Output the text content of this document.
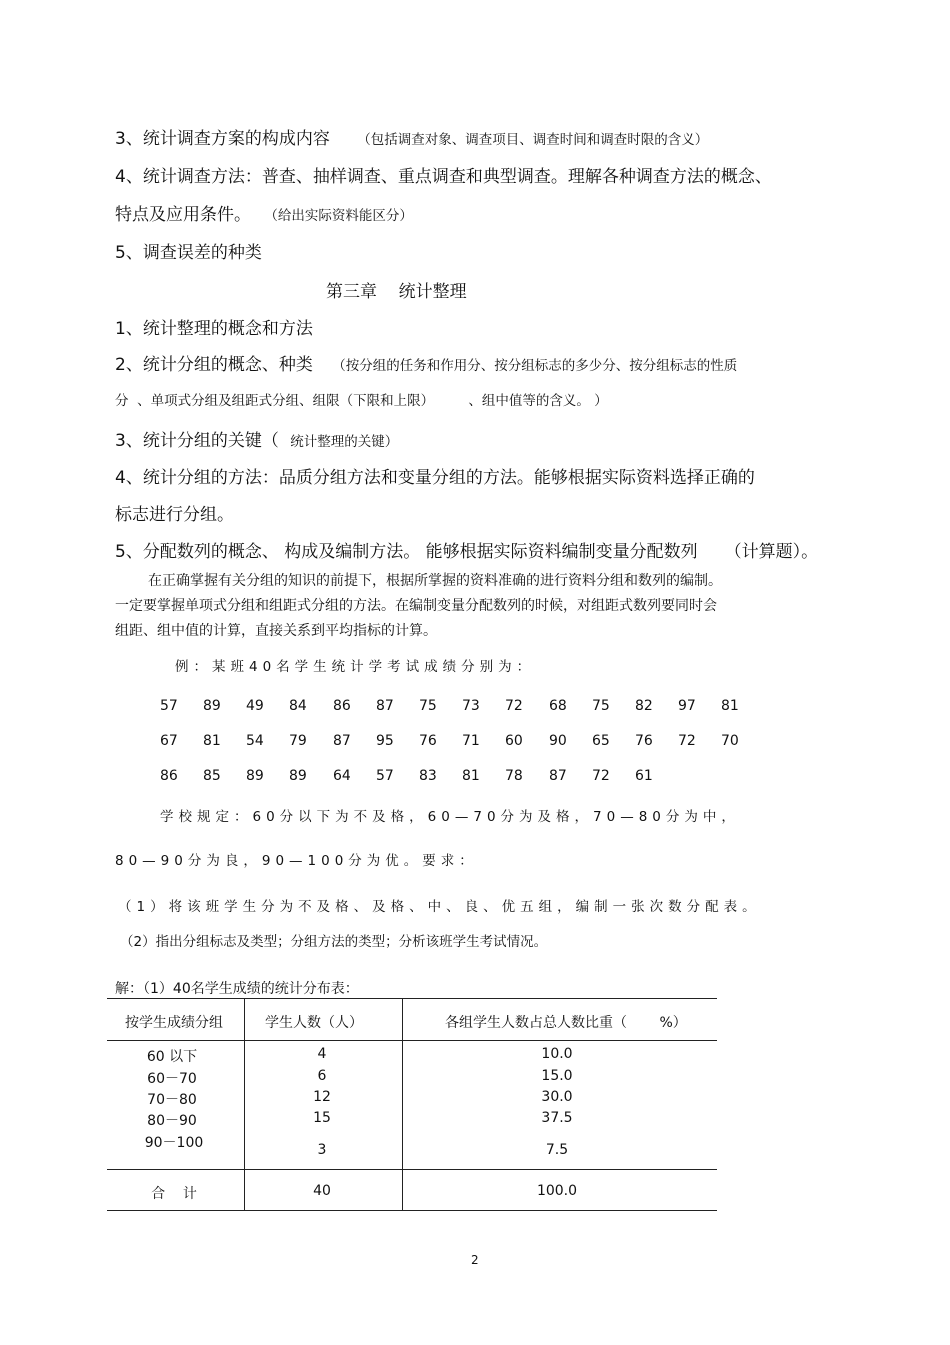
3、统计调查方案的构成内容 （包括调查对象、调查项目、调查时间和调查时限的含义）
4、统计调查方法：普查、抽样调查、重点调查和典型调查。理解各种调查方法的概念、
特点及应用条件。 （给出实际资料能区分）
5、调查误差的种类
第三章    统计整理
1、统计整理的概念和方法
2、统计分组的概念、种类 （按分组的任务和作用分、按分组标志的多少分、按分组标志的性质
分  、单项式分组及组距式分组、组限（下限和上限）        、组中值等的含义。 ）
3、统计分组的关键（ 统计整理的关键）
4、统计分组的方法：品质分组方法和变量分组的方法。能够根据实际资料选择正确的
标志进行分组。
5、分配数列的概念、 构成及编制方法。 能够根据实际资料编制变量分配数列     （计算题）。
在正确掌握有关分组的知识的前提下，根据所掌握的资料准确的进行资料分组和数列的编制。
一定要掌握单项式分组和组距式分组的方法。在编制变量分配数列的时候，对组距式数列要同时会
组距、组中值的计算，直接关系到平均指标的计算。
例：某班40名学生统计学考试成绩分别为：
57 89 49 84 86 87 75 73 72 68 75 82 97 81
67 81 54 79 87 95 76 71 60 90 65 76 72 70
86 85 89 89 64 57 83 81 78 87 72 61
学校规定：60分以下为不及格，60—70分为及格，70—80分为中，
80—90分为良，90—100分为优。要求：
（1）将该班学生分为不及格、及格、中、良、优五组，编制一张次数分配表。
（2）指出分组标志及类型；分组方法的类型；分析该班学生考试情况。
解：（1）40名学生成绩的统计分布表：
按学生成绩分组	学生人数（人）	各组学生人数占总人数比重（ %）
60 以下	4	10.0
60－70	6	15.0
70－80	12	30.0
80－90	15	37.5
90－100	3	7.5
合    计	40	100.0
2
